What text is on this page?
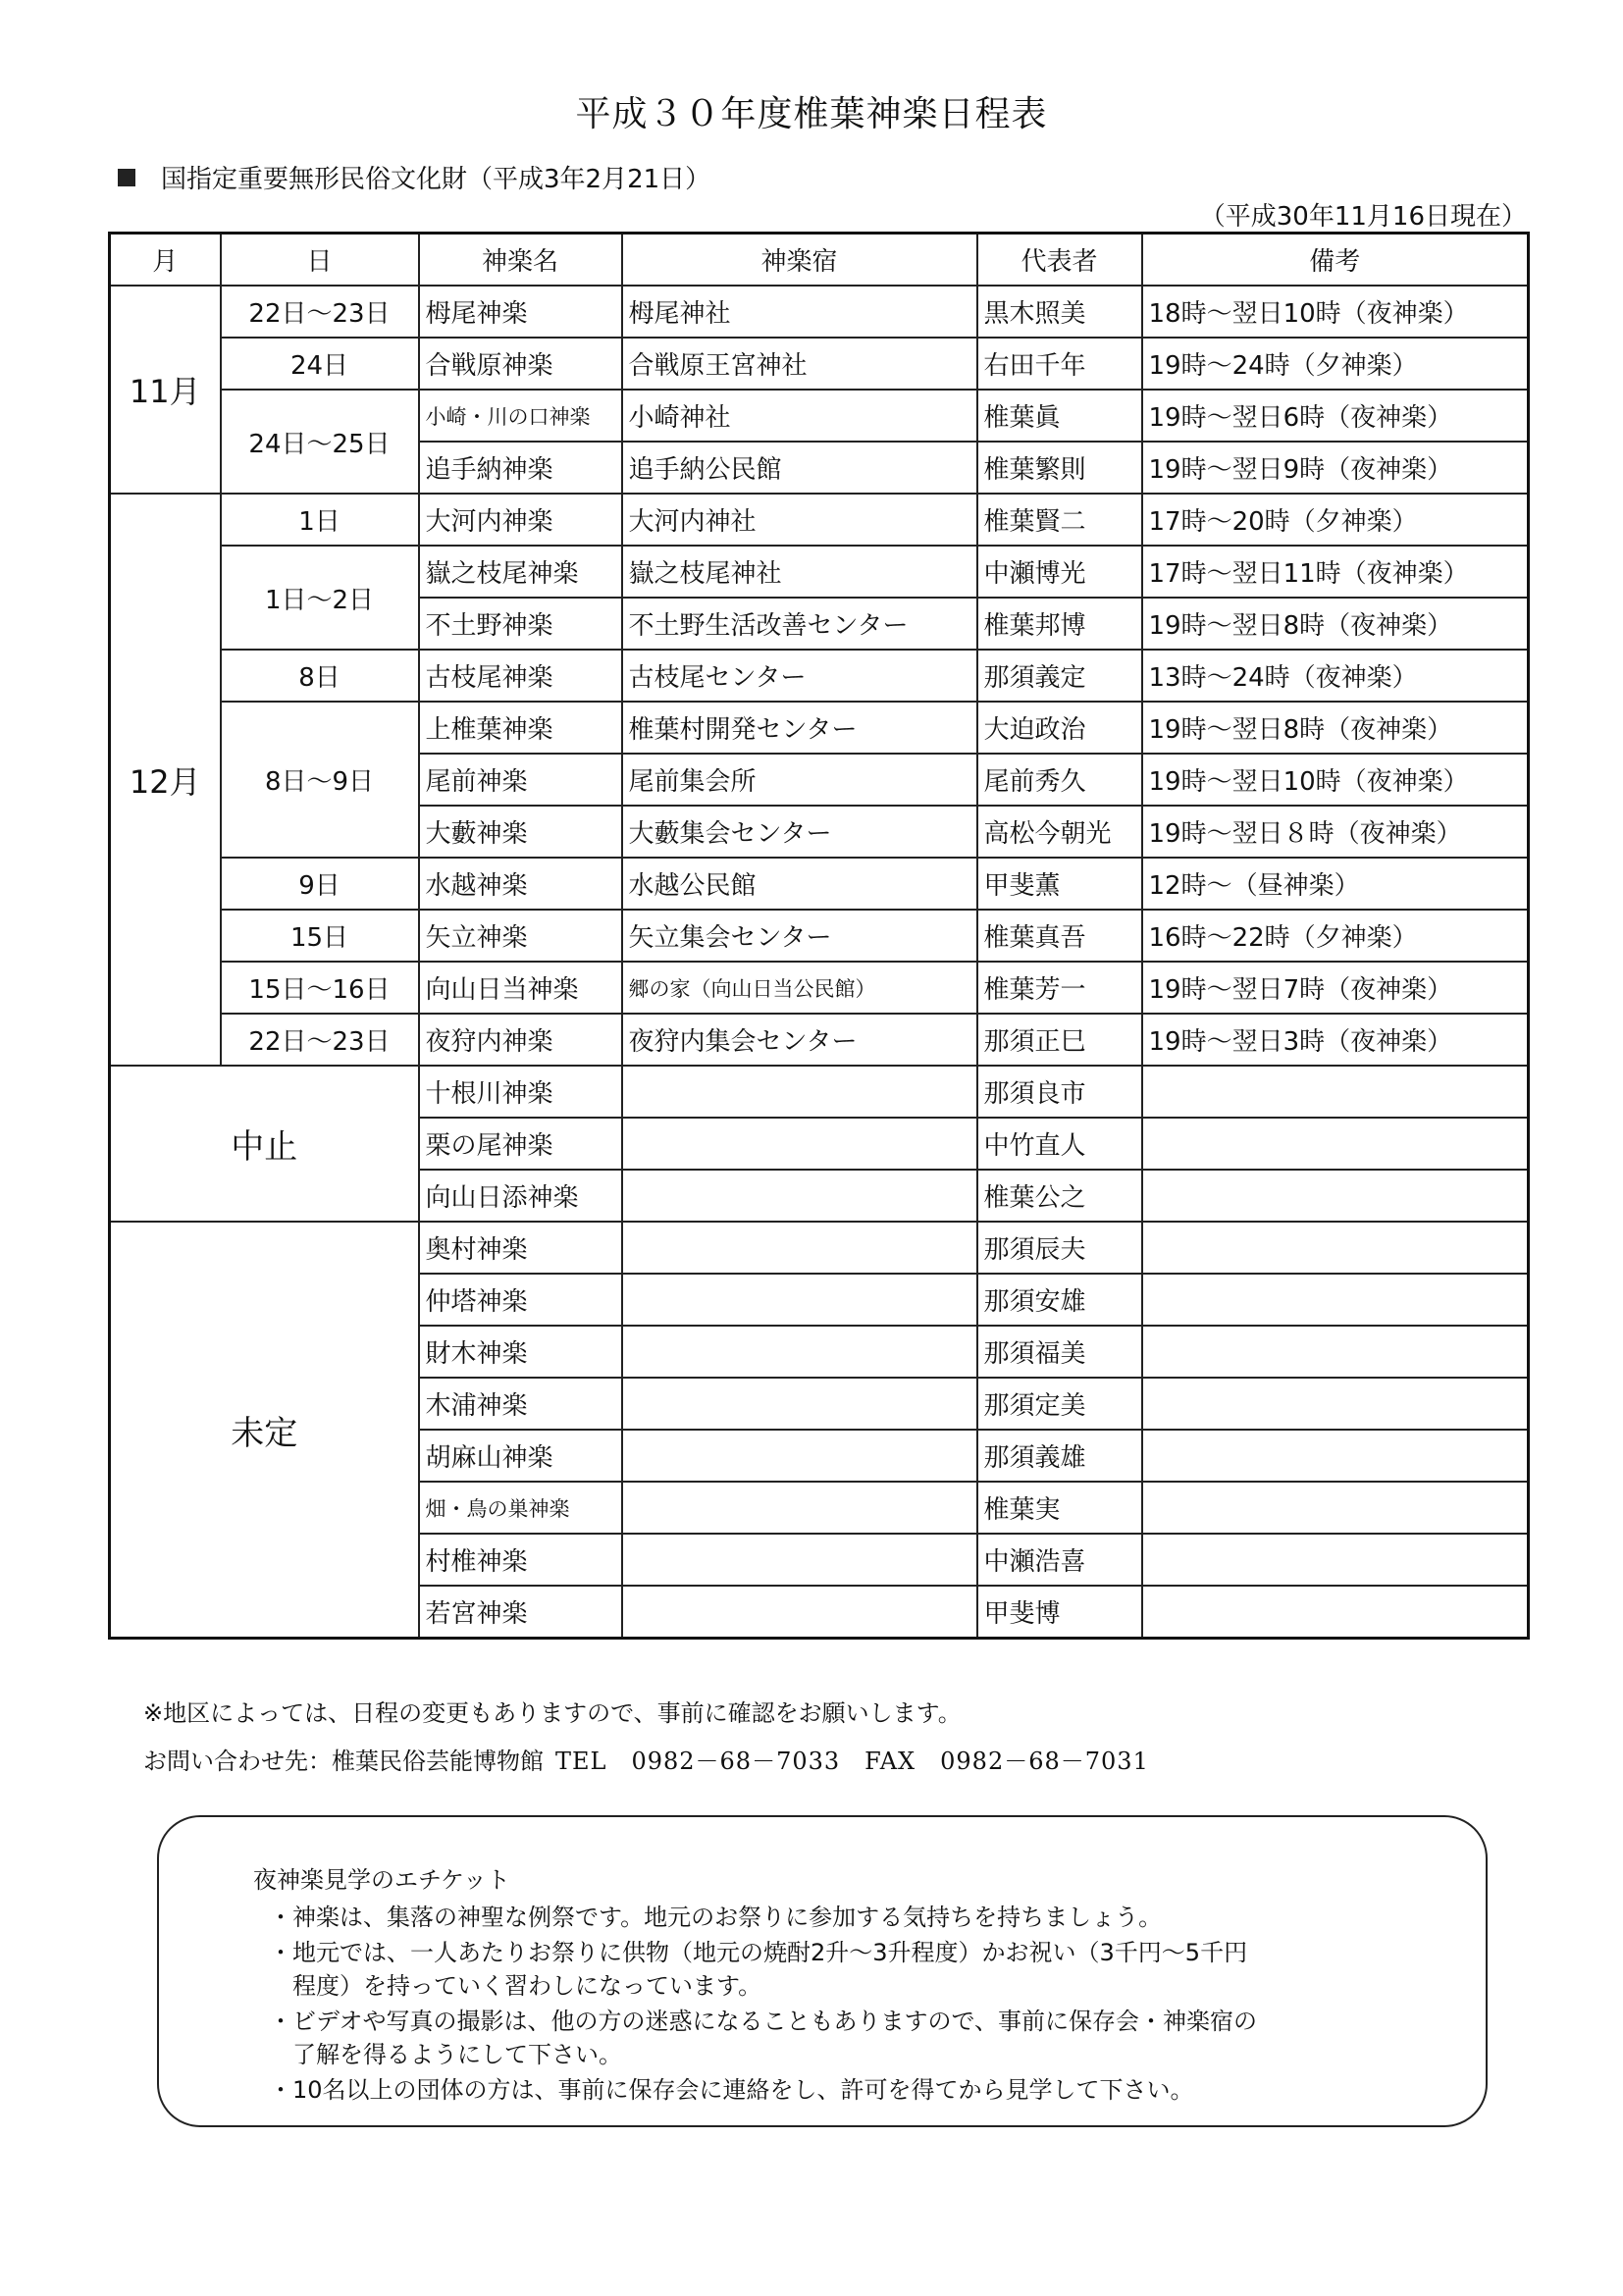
平成３０年度椎葉神楽日程表
国指定重要無形民俗文化財（平成3年2月21日）
（平成30年11月16日現在）
月	日	神楽名	神楽宿	代表者	備考
11月	22日～23日	栂尾神楽	栂尾神社	黒木照美	18時～翌日10時（夜神楽）
	24日	合戦原神楽	合戦原王宮神社	右田千年	19時～24時（夕神楽）
	24日～25日	小崎・川の口神楽	小崎神社	椎葉眞	19時～翌日6時（夜神楽）
		追手納神楽	追手納公民館	椎葉繁則	19時～翌日9時（夜神楽）
12月	1日	大河内神楽	大河内神社	椎葉賢二	17時～20時（夕神楽）
	1日～2日	嶽之枝尾神楽	嶽之枝尾神社	中瀬博光	17時～翌日11時（夜神楽）
		不土野神楽	不土野生活改善センター	椎葉邦博	19時～翌日8時（夜神楽）
	8日	古枝尾神楽	古枝尾センター	那須義定	13時～24時（夜神楽）
	8日～9日	上椎葉神楽	椎葉村開発センター	大迫政治	19時～翌日8時（夜神楽）
		尾前神楽	尾前集会所	尾前秀久	19時～翌日10時（夜神楽）
		大藪神楽	大藪集会センター	高松今朝光	19時～翌日８時（夜神楽）
	9日	水越神楽	水越公民館	甲斐薫	12時～（昼神楽）
	15日	矢立神楽	矢立集会センター	椎葉真吾	16時～22時（夕神楽）
	15日～16日	向山日当神楽	郷の家（向山日当公民館）	椎葉芳一	19時～翌日7時（夜神楽）
	22日～23日	夜狩内神楽	夜狩内集会センター	那須正巳	19時～翌日3時（夜神楽）
中止		十根川神楽		那須良市	
		栗の尾神楽		中竹直人	
		向山日添神楽		椎葉公之	
未定		奥村神楽		那須辰夫	
		仲塔神楽		那須安雄	
		財木神楽		那須福美	
		木浦神楽		那須定美	
		胡麻山神楽		那須義雄	
		畑・鳥の巣神楽		椎葉実	
		村椎神楽		中瀬浩喜	
		若宮神楽		甲斐博	
※地区によっては、日程の変更もありますので、事前に確認をお願いします。
お問い合わせ先：椎葉民俗芸能博物館 TEL　0982－68－7033　FAX　0982－68－7031
夜神楽見学のエチケット
・神楽は、集落の神聖な例祭です。地元のお祭りに参加する気持ちを持ちましょう。
・地元では、一人あたりお祭りに供物（地元の焼酎2升～3升程度）かお祝い（3千円～5千円
　程度）を持っていく習わしになっています。
・ビデオや写真の撮影は、他の方の迷惑になることもありますので、事前に保存会・神楽宿の
　了解を得るようにして下さい。
・10名以上の団体の方は、事前に保存会に連絡をし、許可を得てから見学して下さい。
